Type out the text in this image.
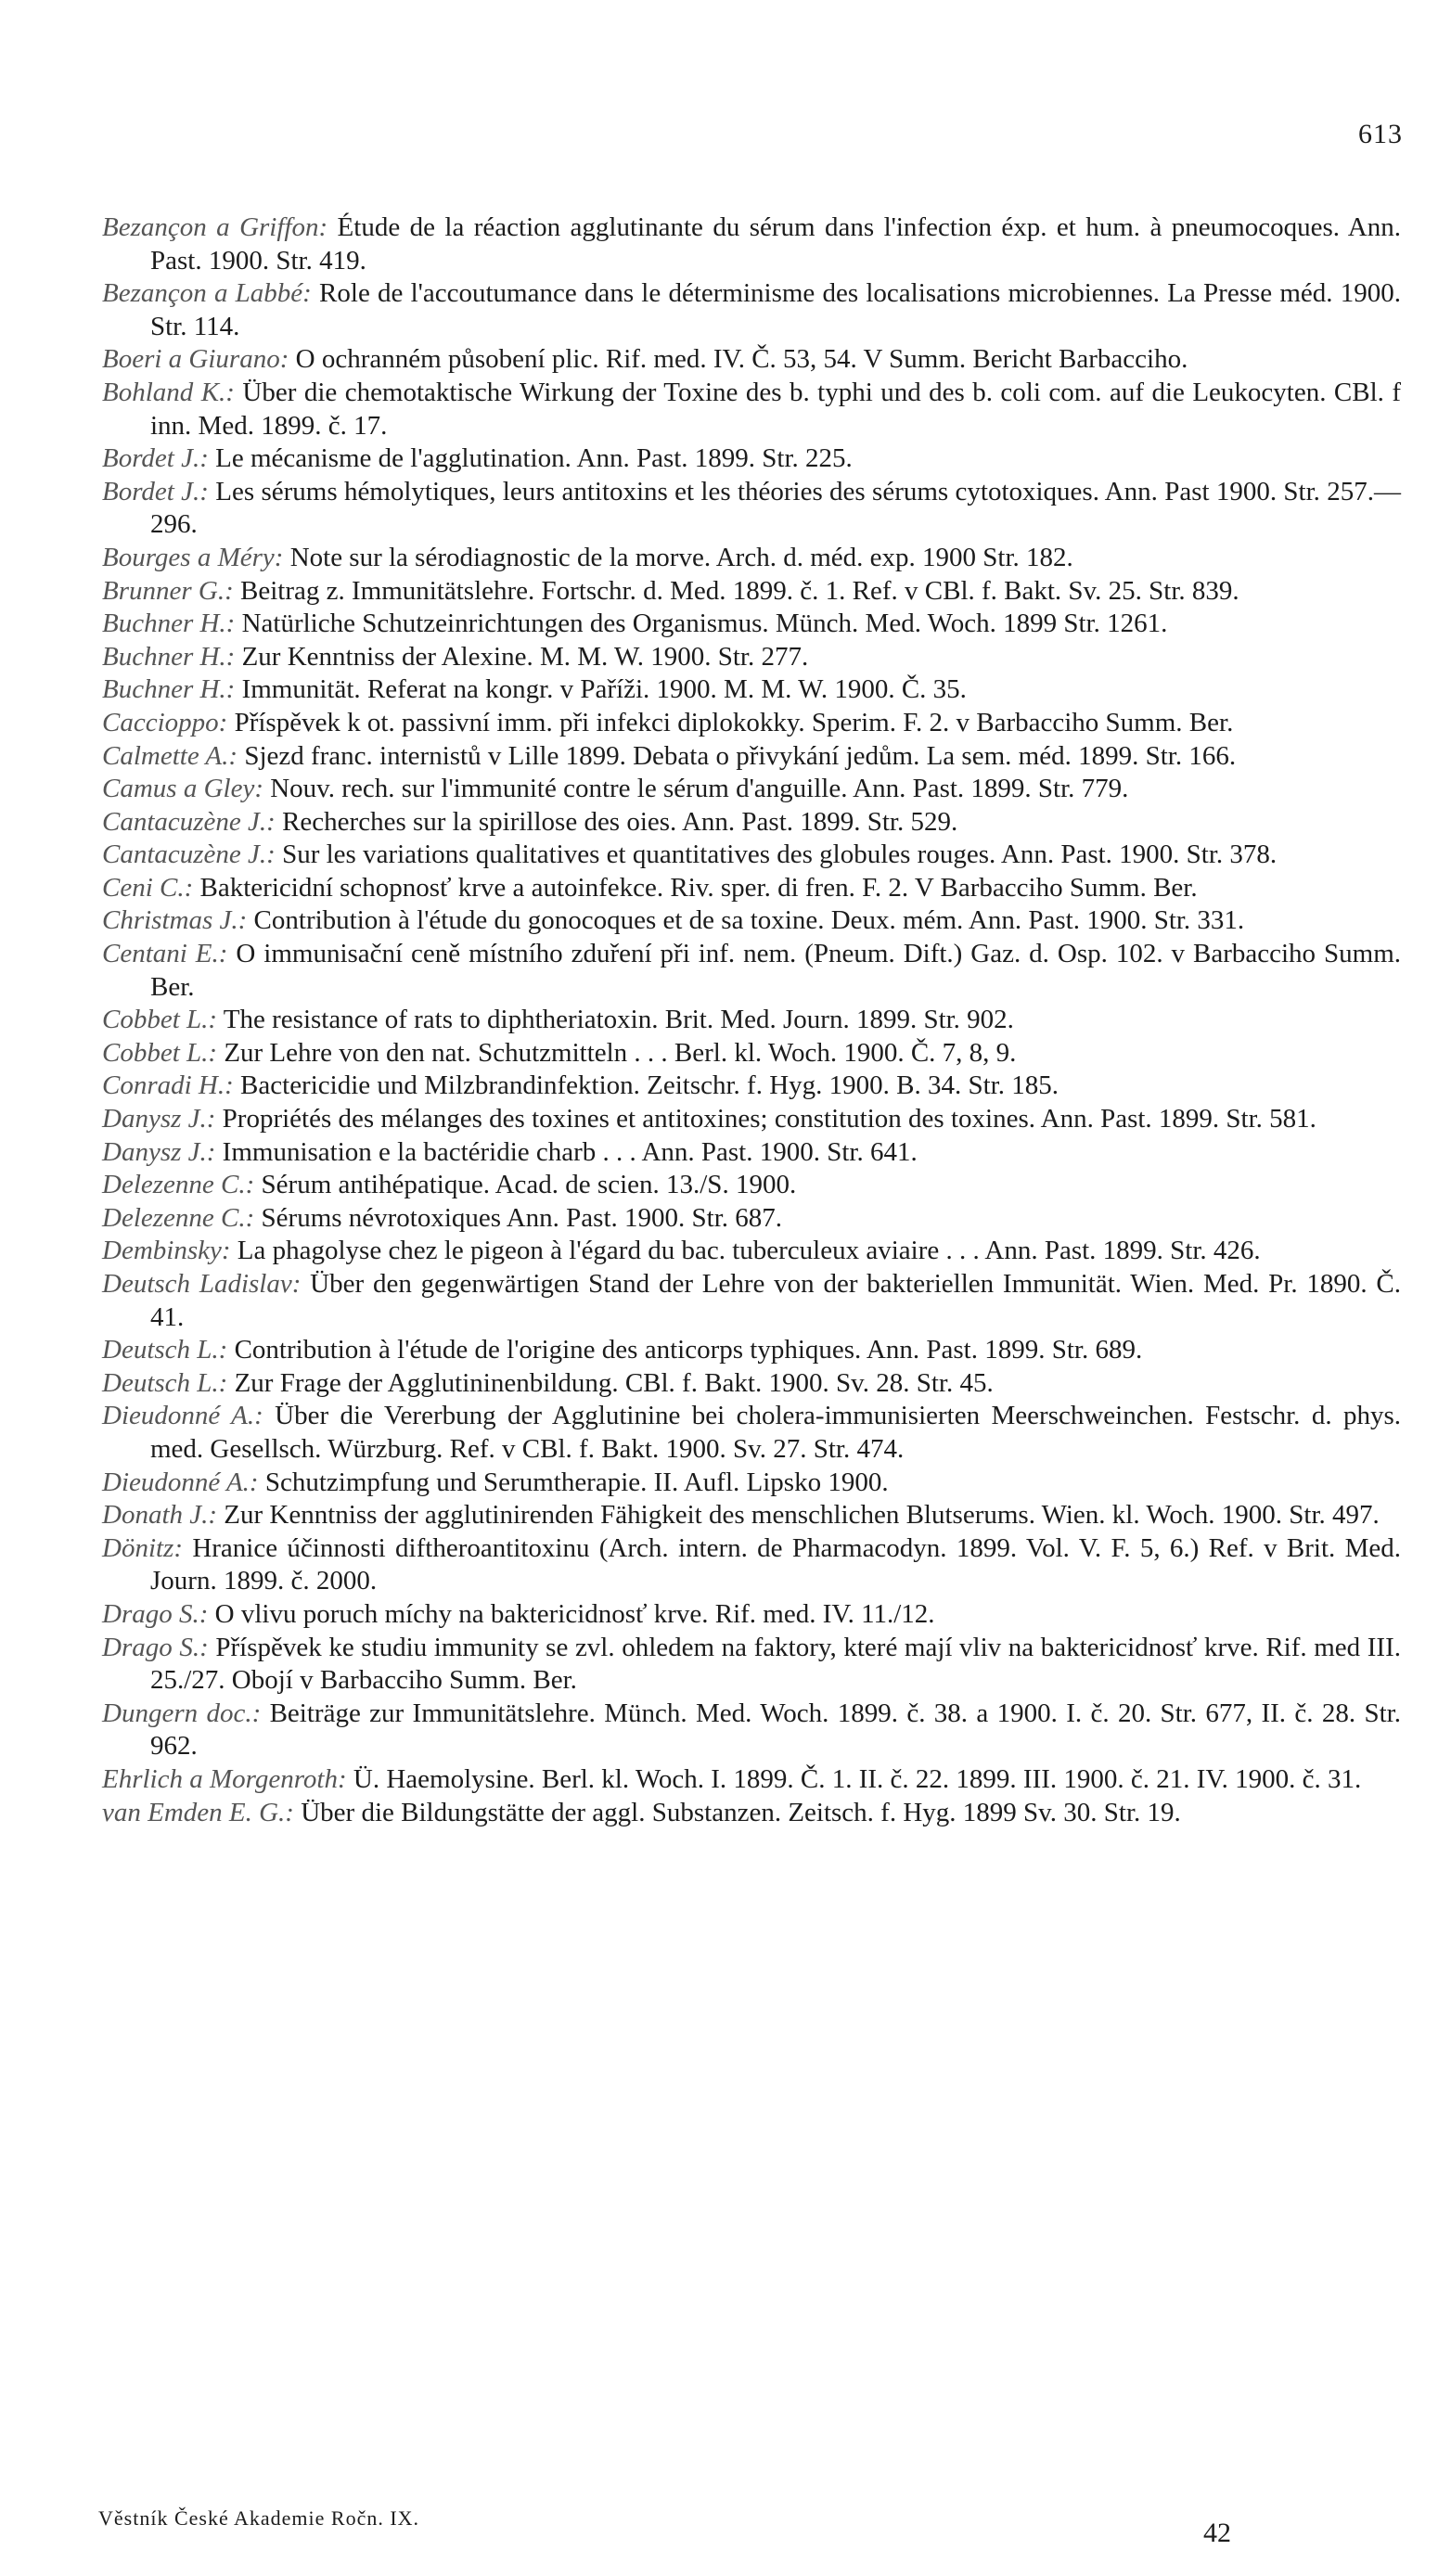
613
Bezançon a Griffon: Étude de la réaction agglutinante du sérum dans l'infection éxp. et hum. à pneumocoques. Ann. Past. 1900. Str. 419.
Bezançon a Labbé: Role de l'accoutumance dans le déterminisme des localisations microbiennes. La Presse méd. 1900. Str. 114.
Boeri a Giurano: O ochranném působení plic. Rif. med. IV. Č. 53, 54. V Summ. Bericht Barbacciho.
Bohland K.: Über die chemotaktische Wirkung der Toxine des b. typhi und des b. coli com. auf die Leukocyten. CBl. f inn. Med. 1899. č. 17.
Bordet J.: Le mécanisme de l'agglutination. Ann. Past. 1899. Str. 225.
Bordet J.: Les sérums hémolytiques, leurs antitoxins et les théories des sérums cytotoxiques. Ann. Past 1900. Str. 257.—296.
Bourges a Méry: Note sur la sérodiagnostic de la morve. Arch. d. méd. exp. 1900 Str. 182.
Brunner G.: Beitrag z. Immunitätslehre. Fortschr. d. Med. 1899. č. 1. Ref. v CBl. f. Bakt. Sv. 25. Str. 839.
Buchner H.: Natürliche Schutzeinrichtungen des Organismus. Münch. Med. Woch. 1899 Str. 1261.
Buchner H.: Zur Kenntniss der Alexine. M. M. W. 1900. Str. 277.
Buchner H.: Immunität. Referat na kongr. v Paříži. 1900. M. M. W. 1900. Č. 35.
Caccioppo: Příspěvek k ot. passivní imm. při infekci diplokokky. Sperim. F. 2. v Barbacciho Summ. Ber.
Calmette A.: Sjezd franc. internistů v Lille 1899. Debata o přivykání jedům. La sem. méd. 1899. Str. 166.
Camus a Gley: Nouv. rech. sur l'immunité contre le sérum d'anguille. Ann. Past. 1899. Str. 779.
Cantacuzène J.: Recherches sur la spirillose des oies. Ann. Past. 1899. Str. 529.
Cantacuzène J.: Sur les variations qualitatives et quantitatives des globules rouges. Ann. Past. 1900. Str. 378.
Ceni C.: Baktericidní schopnosť krve a autoinfekce. Riv. sper. di fren. F. 2. V Barbacciho Summ. Ber.
Christmas J.: Contribution à l'étude du gonocoques et de sa toxine. Deux. mém. Ann. Past. 1900. Str. 331.
Centani E.: O immunisační ceně místního zduření při inf. nem. (Pneum. Dift.) Gaz. d. Osp. 102. v Barbacciho Summ. Ber.
Cobbet L.: The resistance of rats to diphtheriatoxin. Brit. Med. Journ. 1899. Str. 902.
Cobbet L.: Zur Lehre von den nat. Schutzmitteln . . . Berl. kl. Woch. 1900. Č. 7, 8, 9.
Conradi H.: Bactericidie und Milzbrandinfektion. Zeitschr. f. Hyg. 1900. B. 34. Str. 185.
Danysz J.: Propriétés des mélanges des toxines et antitoxines; constitution des toxines. Ann. Past. 1899. Str. 581.
Danysz J.: Immunisation e la bactéridie charb . . . Ann. Past. 1900. Str. 641.
Delezenne C.: Sérum antihépatique. Acad. de scien. 13./S. 1900.
Delezenne C.: Sérums névrotoxiques Ann. Past. 1900. Str. 687.
Dembinsky: La phagolyse chez le pigeon à l'égard du bac. tuberculeux aviaire . . . Ann. Past. 1899. Str. 426.
Deutsch Ladislav: Über den gegenwärtigen Stand der Lehre von der bakteriellen Immunität. Wien. Med. Pr. 1890. Č. 41.
Deutsch L.: Contribution à l'étude de l'origine des anticorps typhiques. Ann. Past. 1899. Str. 689.
Deutsch L.: Zur Frage der Agglutininenbildung. CBl. f. Bakt. 1900. Sv. 28. Str. 45.
Dieudonné A.: Über die Vererbung der Agglutinine bei cholera-immunisierten Meerschweinchen. Festschr. d. phys. med. Gesellsch. Würzburg. Ref. v CBl. f. Bakt. 1900. Sv. 27. Str. 474.
Dieudonné A.: Schutzimpfung und Serumtherapie. II. Aufl. Lipsko 1900.
Donath J.: Zur Kenntniss der agglutinirenden Fähigkeit des menschlichen Blutserums. Wien. kl. Woch. 1900. Str. 497.
Dönitz: Hranice účinnosti diftheroantitoxinu (Arch. intern. de Pharmacodyn. 1899. Vol. V. F. 5, 6.) Ref. v Brit. Med. Journ. 1899. č. 2000.
Drago S.: O vlivu poruch míchy na baktericidnosť krve. Rif. med. IV. 11./12.
Drago S.: Příspěvek ke studiu immunity se zvl. ohledem na faktory, které mají vliv na baktericidnosť krve. Rif. med III. 25./27. Obojí v Barbacciho Summ. Ber.
Dungern doc.: Beiträge zur Immunitätslehre. Münch. Med. Woch. 1899. č. 38. a 1900. I. č. 20. Str. 677, II. č. 28. Str. 962.
Ehrlich a Morgenroth: Ü. Haemolysine. Berl. kl. Woch. I. 1899. Č. 1. II. č. 22. 1899. III. 1900. č. 21. IV. 1900. č. 31.
van Emden E. G.: Über die Bildungstätte der aggl. Substanzen. Zeitsch. f. Hyg. 1899 Sv. 30. Str. 19.
Věstník České Akademie Ročn. IX.	42
